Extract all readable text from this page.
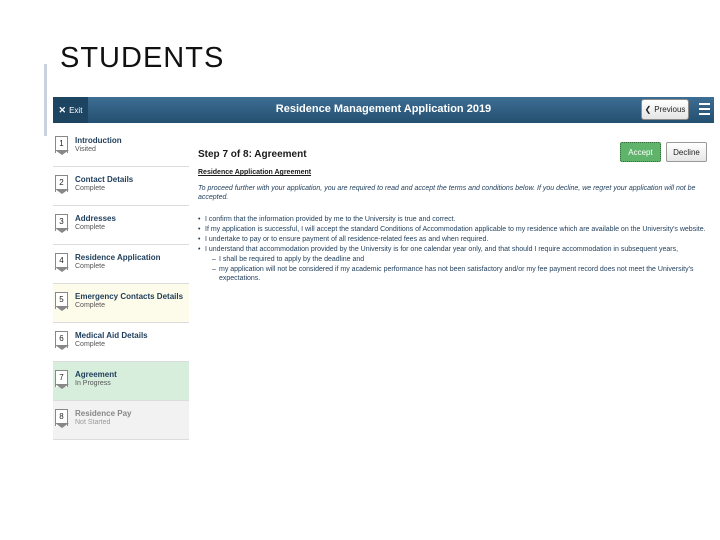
STUDENTS
✕ Exit	Residence Management Application 2019	❮ Previous
1	Introduction
Visited
2	Contact Details
Complete
3	Addresses
Complete
4	Residence Application
Complete
5	Emergency Contacts Details
Complete
6	Medical Aid Details
Complete
7	Agreement
In Progress
8	Residence Pay
Not Started
Step 7 of 8: Agreement	Accept	Decline
Residence Application Agreement
To proceed further with your application, you are required to read and accept the terms and conditions below. If you decline, we regret your application will not be accepted.
• I confirm that the information provided by me to the University is true and correct.
• If my application is successful, I will accept the standard Conditions of Accommodation applicable to my residence which are available on the University's website.
• I undertake to pay or to ensure payment of all residence-related fees as and when required.
• I understand that accommodation provided by the University is for one calendar year only, and that should I require accommodation in subsequent years,
– I shall be required to apply by the deadline and
– my application will not be considered if my academic performance has not been satisfactory and/or my fee payment record does not meet the University's expectations.
